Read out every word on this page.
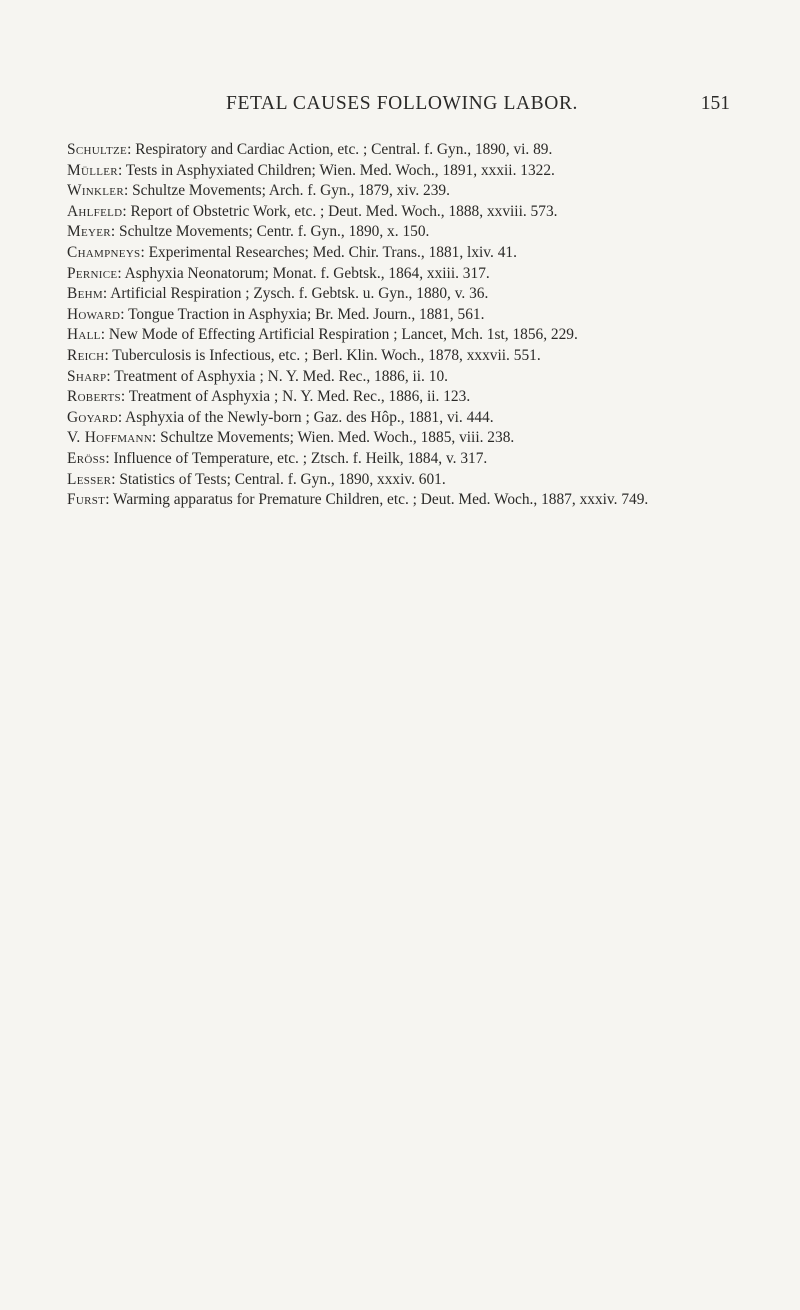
FETAL CAUSES FOLLOWING LABOR.	151
Schultze: Respiratory and Cardiac Action, etc. ; Central. f. Gyn., 1890, vi. 89.
Müller: Tests in Asphyxiated Children; Wien. Med. Woch., 1891, xxxii. 1322.
Winkler: Schultze Movements; Arch. f. Gyn., 1879, xiv. 239.
Ahlfeld: Report of Obstetric Work, etc. ; Deut. Med. Woch., 1888, xxviii. 573.
Meyer: Schultze Movements; Centr. f. Gyn., 1890, x. 150.
Champneys: Experimental Researches; Med. Chir. Trans., 1881, lxiv. 41.
Pernice: Asphyxia Neonatorum; Monat. f. Gebtsk., 1864, xxiii. 317.
Behm: Artificial Respiration ; Zysch. f. Gebtsk. u. Gyn., 1880, v. 36.
Howard: Tongue Traction in Asphyxia; Br. Med. Journ., 1881, 561.
Hall: New Mode of Effecting Artificial Respiration ; Lancet, Mch. 1st, 1856, 229.
Reich: Tuberculosis is Infectious, etc. ; Berl. Klin. Woch., 1878, xxxvii. 551.
Sharp: Treatment of Asphyxia ; N. Y. Med. Rec., 1886, ii. 10.
Roberts: Treatment of Asphyxia ; N. Y. Med. Rec., 1886, ii. 123.
Goyard: Asphyxia of the Newly-born ; Gaz. des Hôp., 1881, vi. 444.
V. Hoffmann: Schultze Movements; Wien. Med. Woch., 1885, viii. 238.
Eröss: Influence of Temperature, etc. ; Ztsch. f. Heilk, 1884, v. 317.
Lesser: Statistics of Tests; Central. f. Gyn., 1890, xxxiv. 601.
Furst: Warming apparatus for Premature Children, etc. ; Deut. Med. Woch., 1887, xxxiv. 749.
